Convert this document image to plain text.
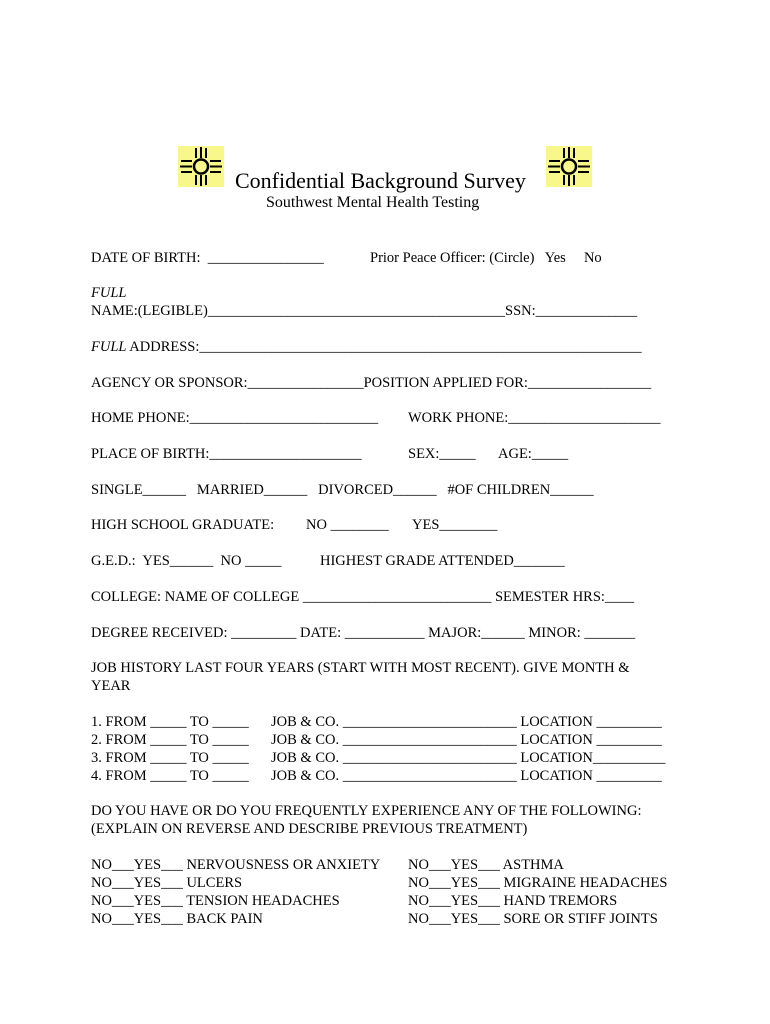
Confidential Background Survey
Southwest Mental Health Testing
DATE OF BIRTH:  ________________	Prior Peace Officer: (Circle)   Yes     No
FULL
NAME:(LEGIBLE)_________________________________________SSN:______________
FULL ADDRESS:_____________________________________________________________
AGENCY OR SPONSOR:________________POSITION APPLIED FOR:_________________
HOME PHONE:__________________________ WORK PHONE:_____________________
PLACE OF BIRTH:_____________________	SEX:_____ AGE:_____
SINGLE______   MARRIED______   DIVORCED______   #OF CHILDREN______
HIGH SCHOOL GRADUATE: NO ________ YES________
G.E.D.:  YES______  NO _____	HIGHEST GRADE ATTENDED_______
COLLEGE: NAME OF COLLEGE __________________________ SEMESTER HRS:____
DEGREE RECEIVED: _________ DATE: ___________ MAJOR:______ MINOR: _______
JOB HISTORY LAST FOUR YEARS (START WITH MOST RECENT). GIVE MONTH &
YEAR
1. FROM _____ TO _____ JOB & CO. ________________________ LOCATION _________
2. FROM _____ TO _____ JOB & CO. ________________________ LOCATION _________
3. FROM _____ TO _____ JOB & CO. ________________________ LOCATION__________
4. FROM _____ TO _____ JOB & CO. ________________________ LOCATION _________
DO YOU HAVE OR DO YOU FREQUENTLY EXPERIENCE ANY OF THE FOLLOWING:
(EXPLAIN ON REVERSE AND DESCRIBE PREVIOUS TREATMENT)
NO___YES___ NERVOUSNESS OR ANXIETY
NO___YES___ ULCERS
NO___YES___ TENSION HEADACHES
NO___YES___ BACK PAIN
NO___YES___ ASTHMA
NO___YES___ MIGRAINE HEADACHES
NO___YES___ HAND TREMORS
NO___YES___ SORE OR STIFF JOINTS
